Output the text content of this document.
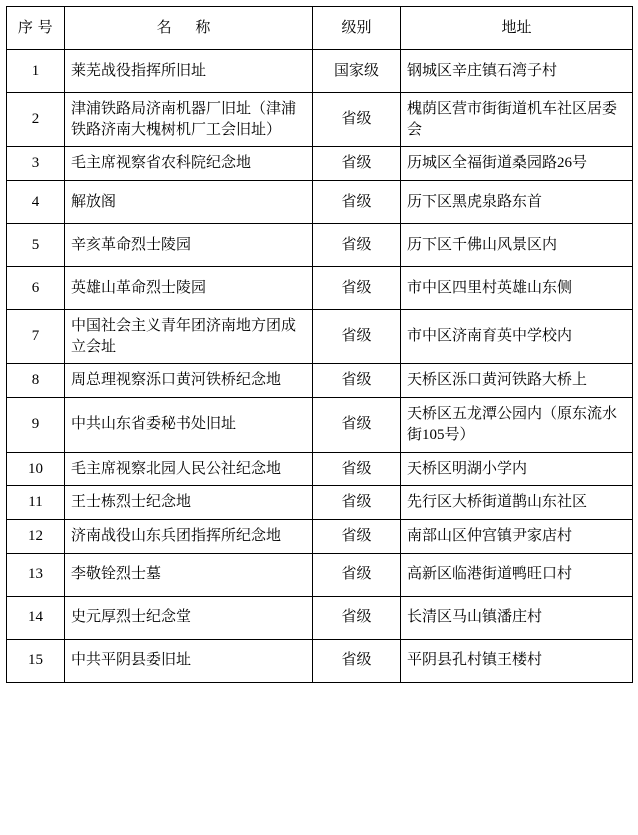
序 号	名 称	级别	地址
1	莱芜战役指挥所旧址	国家级	钢城区辛庄镇石湾子村
2	津浦铁路局济南机器厂旧址（津浦铁路济南大槐树机厂工会旧址）	省级	槐荫区营市街街道机车社区居委会
3	毛主席视察省农科院纪念地	省级	历城区全福街道桑园路26号
4	解放阁	省级	历下区黑虎泉路东首
5	辛亥革命烈士陵园	省级	历下区千佛山风景区内
6	英雄山革命烈士陵园	省级	市中区四里村英雄山东侧
7	中国社会主义青年团济南地方团成立会址	省级	市中区济南育英中学校内
8	周总理视察泺口黄河铁桥纪念地	省级	天桥区泺口黄河铁路大桥上
9	中共山东省委秘书处旧址	省级	天桥区五龙潭公园内（原东流水街105号）
10	毛主席视察北园人民公社纪念地	省级	天桥区明湖小学内
11	王士栋烈士纪念地	省级	先行区大桥街道鹊山东社区
12	济南战役山东兵团指挥所纪念地	省级	南部山区仲宫镇尹家店村
13	李敬铨烈士墓	省级	高新区临港街道鸭旺口村
14	史元厚烈士纪念堂	省级	长清区马山镇潘庄村
15	中共平阴县委旧址	省级	平阴县孔村镇王楼村
